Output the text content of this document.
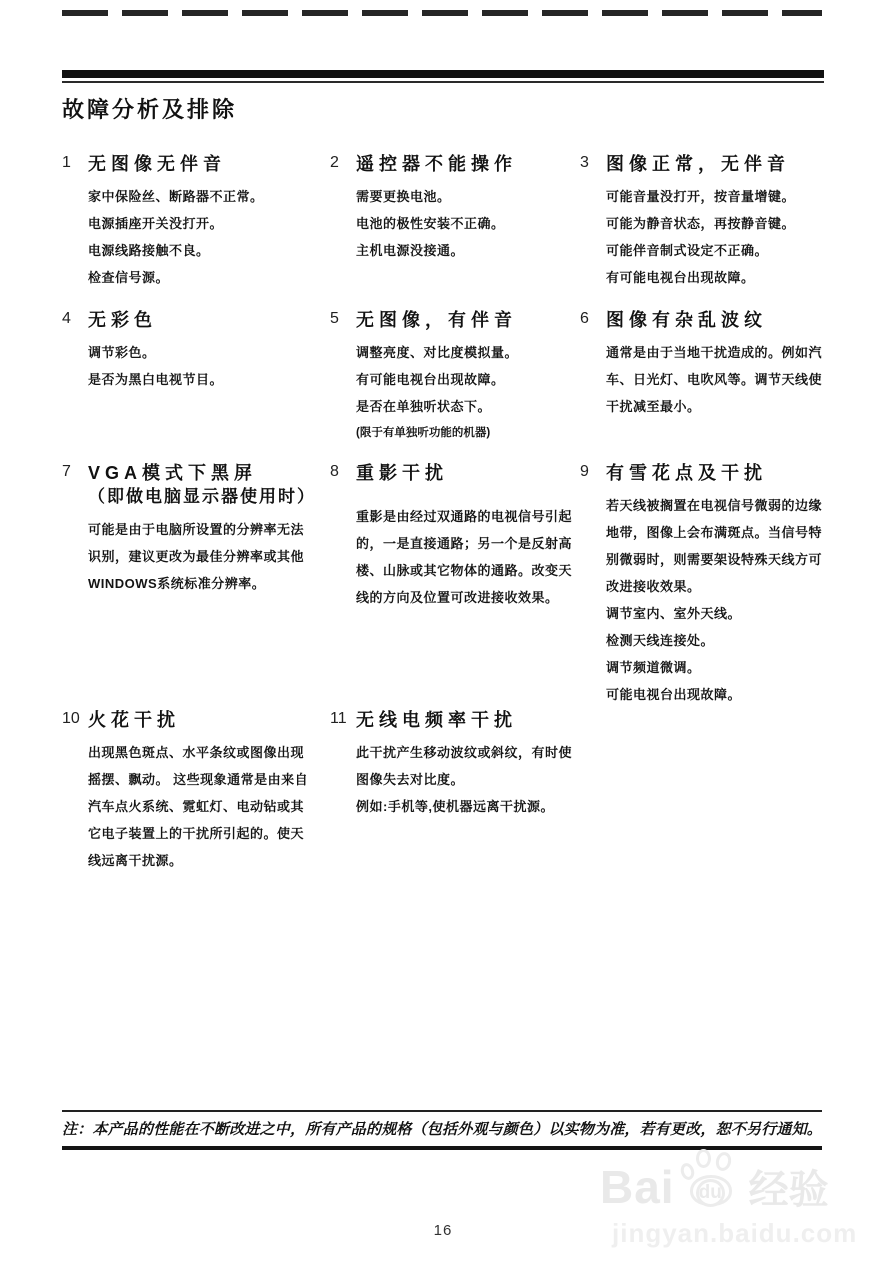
故障分析及排除
1 无图像无伴音

家中保险丝、断路器不正常。

电源插座开关没打开。

电源线路接触不良。

检查信号源。

2 遥控器不能操作

需要更换电池。

电池的极性安装不正确。

主机电源没接通。

3 图像正常，无伴音

可能音量没打开，按音量增键。

可能为静音状态，再按静音键。

可能伴音制式设定不正确。

有可能电视台出现故障。

4 无彩色

调节彩色。

是否为黑白电视节目。

5 无图像，有伴音

调整亮度、对比度模拟量。

有可能电视台出现故障。

是否在单独听状态下。

(限于有单独听功能的机器)

6 图像有杂乱波纹

通常是由于当地干扰造成的。例如汽车、日光灯、电吹风等。调节天线使干扰减至最小。

7 VGA模式下黑屏
（即做电脑显示器使用时）

可能是由于电脑所设置的分辨率无法识别，建议更改为最佳分辨率或其他WINDOWS系统标准分辨率。

8 重影干扰

重影是由经过双通路的电视信号引起的，一是直接通路；另一个是反射高楼、山脉或其它物体的通路。改变天线的方向及位置可改进接收效果。

9 有雪花点及干扰

若天线被搁置在电视信号微弱的边缘地带，图像上会布满斑点。当信号特别微弱时，则需要架设特殊天线方可改进接收效果。

调节室内、室外天线。

检测天线连接处。

调节频道微调。

可能电视台出现故障。

10 火花干扰

出现黑色斑点、水平条纹或图像出现摇摆、飘动。 这些现象通常是由来自汽车点火系统、霓虹灯、电动钻或其它电子装置上的干扰所引起的。使天线远离干扰源。

11 无线电频率干扰

此干扰产生移动波纹或斜纹，有时使图像失去对比度。

例如:手机等,使机器远离干扰源。

注：本产品的性能在不断改进之中，所有产品的规格（包括外观与颜色）以实物为准，若有更改，恕不另行通知。
Bai du 经验
jingyan.baidu.com
16
